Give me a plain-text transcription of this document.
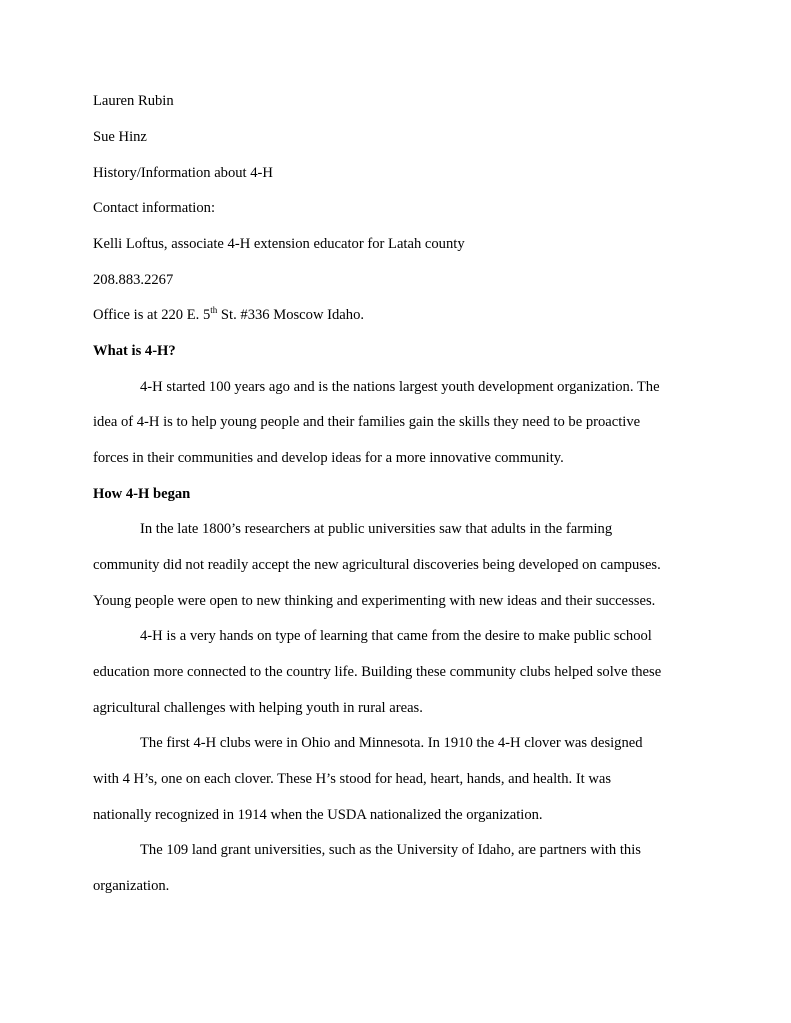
Lauren Rubin
Sue Hinz
History/Information about 4-H
Contact information:
Kelli Loftus, associate 4-H extension educator for Latah county
208.883.2267
Office is at 220 E. 5th St. #336 Moscow Idaho.
What is 4-H?
4-H started 100 years ago and is the nations largest youth development organization. The
idea of 4-H is to help young people and their families gain the skills they need to be proactive
forces in their communities and develop ideas for a more innovative community.
How 4-H began
In the late 1800’s researchers at public universities saw that adults in the farming
community did not readily accept the new agricultural discoveries being developed on campuses.
Young people were open to new thinking and experimenting with new ideas and their successes.
4-H is a very hands on type of learning that came from the desire to make public school
education more connected to the country life. Building these community clubs helped solve these
agricultural challenges with helping youth in rural areas.
The first 4-H clubs were in Ohio and Minnesota. In 1910 the 4-H clover was designed
with 4 H’s, one on each clover. These H’s stood for head, heart, hands, and health. It was
nationally recognized in 1914 when the USDA nationalized the organization.
The 109 land grant universities, such as the University of Idaho, are partners with this
organization.
